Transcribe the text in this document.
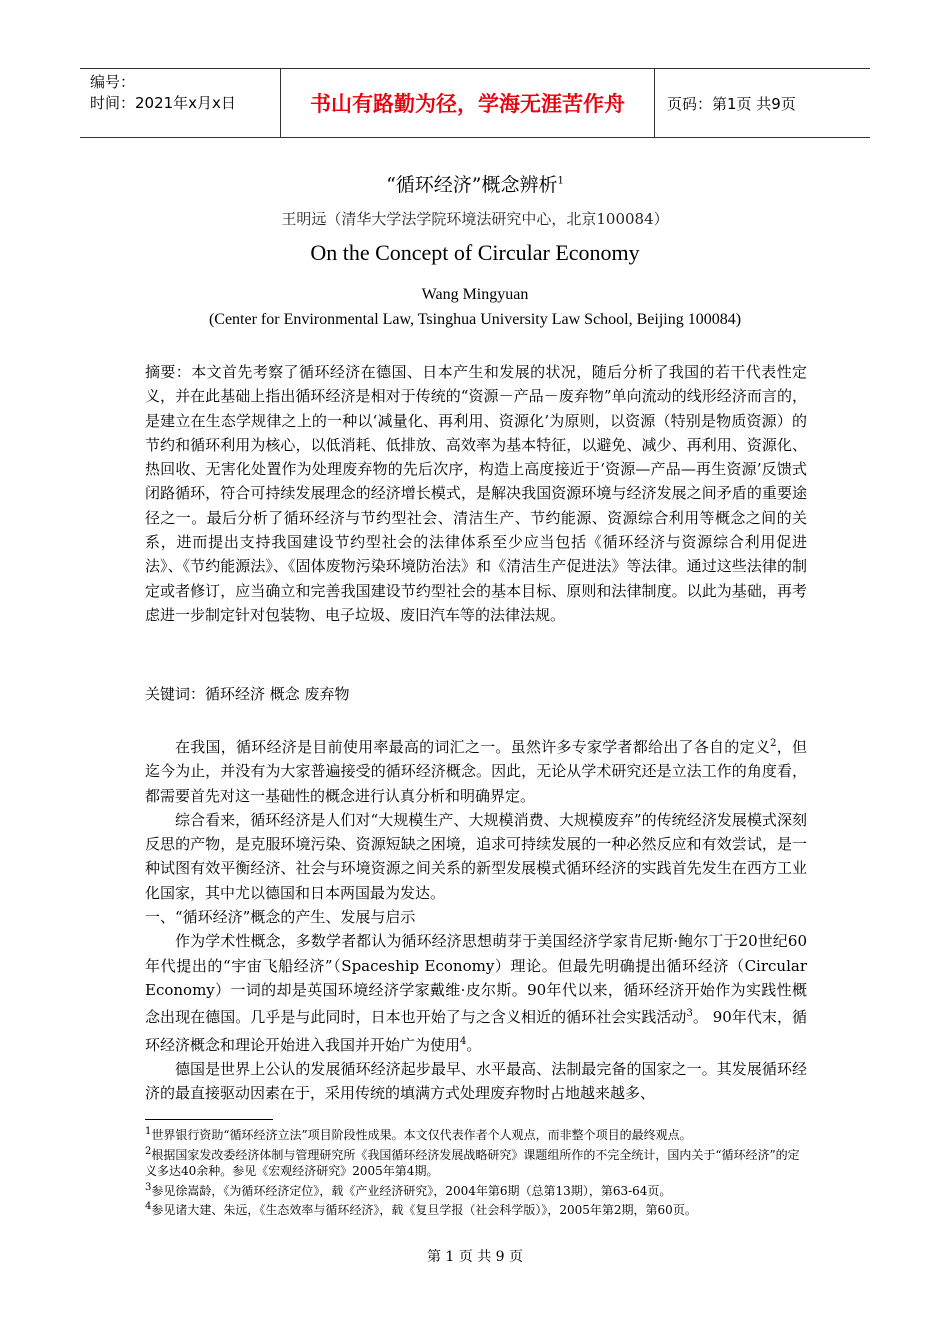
编号：
时间：2021年x月x日	书山有路勤为径，学海无涯苦作舟	页码：第1页 共9页
“循环经济”概念辨析$^1$
王明远（清华大学法学院环境法研究中心，北京100084）
On the Concept of Circular Economy
Wang Mingyuan
(Center for Environmental Law, Tsinghua University Law School, Beijing 100084)
摘要：本文首先考察了循环经济在德国、日本产生和发展的状况，随后分析了我国的若干代表性定义，并在此基础上指出循环经济是相对于传统的“资源－产品－废弃物”单向流动的线形经济而言的，是建立在生态学规律之上的一种以‘减量化、再利用、资源化’为原则，以资源（特别是物质资源）的节约和循环利用为核心，以低消耗、低排放、高效率为基本特征，以避免、减少、再利用、资源化、热回收、无害化处置作为处理废弃物的先后次序，构造上高度接近于‘资源—产品—再生资源’反馈式闭路循环，符合可持续发展理念的经济增长模式，是解决我国资源环境与经济发展之间矛盾的重要途径之一。最后分析了循环经济与节约型社会、清洁生产、节约能源、资源综合利用等概念之间的关系，进而提出支持我国建设节约型社会的法律体系至少应当包括《循环经济与资源综合利用促进法》、《节约能源法》、《固体废物污染环境防治法》和《清洁生产促进法》等法律。通过这些法律的制定或者修订，应当确立和完善我国建设节约型社会的基本目标、原则和法律制度。以此为基础，再考虑进一步制定针对包装物、电子垃圾、废旧汽车等的法律法规。
关键词：循环经济 概念 废弃物

在我国，循环经济是目前使用率最高的词汇之一。虽然许多专家学者都给出了各自的定义$^2$，但迄今为止，并没有为大家普遍接受的循环经济概念。因此，无论从学术研究还是立法工作的角度看，都需要首先对这一基础性的概念进行认真分析和明确界定。

综合看来，循环经济是人们对“大规模生产、大规模消费、大规模废弃”的传统经济发展模式深刻反思的产物，是克服环境污染、资源短缺之困境，追求可持续发展的一种必然反应和有效尝试，是一种试图有效平衡经济、社会与环境资源之间关系的新型发展模式循环经济的实践首先发生在西方工业化国家，其中尤以德国和日本两国最为发达。

一、“循环经济”概念的产生、发展与启示

作为学术性概念，多数学者都认为循环经济思想萌芽于美国经济学家肯尼斯·鲍尔丁于20世纪60年代提出的“宇宙飞船经济”（Spaceship Economy）理论。但最先明确提出循环经济（Circular Economy）一词的却是英国环境经济学家戴维·皮尔斯。90年代以来，循环经济开始作为实践性概念出现在德国。几乎是与此同时，日本也开始了与之含义相近的循环社会实践活动$^3$。 90年代末，循环经济概念和理论开始进入我国并开始广为使用$^4$。

德国是世界上公认的发展循环经济起步最早、水平最高、法制最完备的国家之一。其发展循环经济的最直接驱动因素在于，采用传统的填满方式处理废弃物时占地越来越多、

$^1$世界银行资助“循环经济立法”项目阶段性成果。本文仅代表作者个人观点，而非整个项目的最终观点。

$^2$根据国家发改委经济体制与管理研究所《我国循环经济发展战略研究》课题组所作的不完全统计，国内关于“循环经济”的定义多达40余种。参见《宏观经济研究》2005年第4期。

$^3$参见徐嵩龄，《为循环经济定位》，载《产业经济研究》，2004年第6期（总第13期），第63-64页。

$^4$参见诸大建、朱远，《生态效率与循环经济》，载《复旦学报（社会科学版）》，2005年第2期，第60页。

第 1 页 共 9 页
